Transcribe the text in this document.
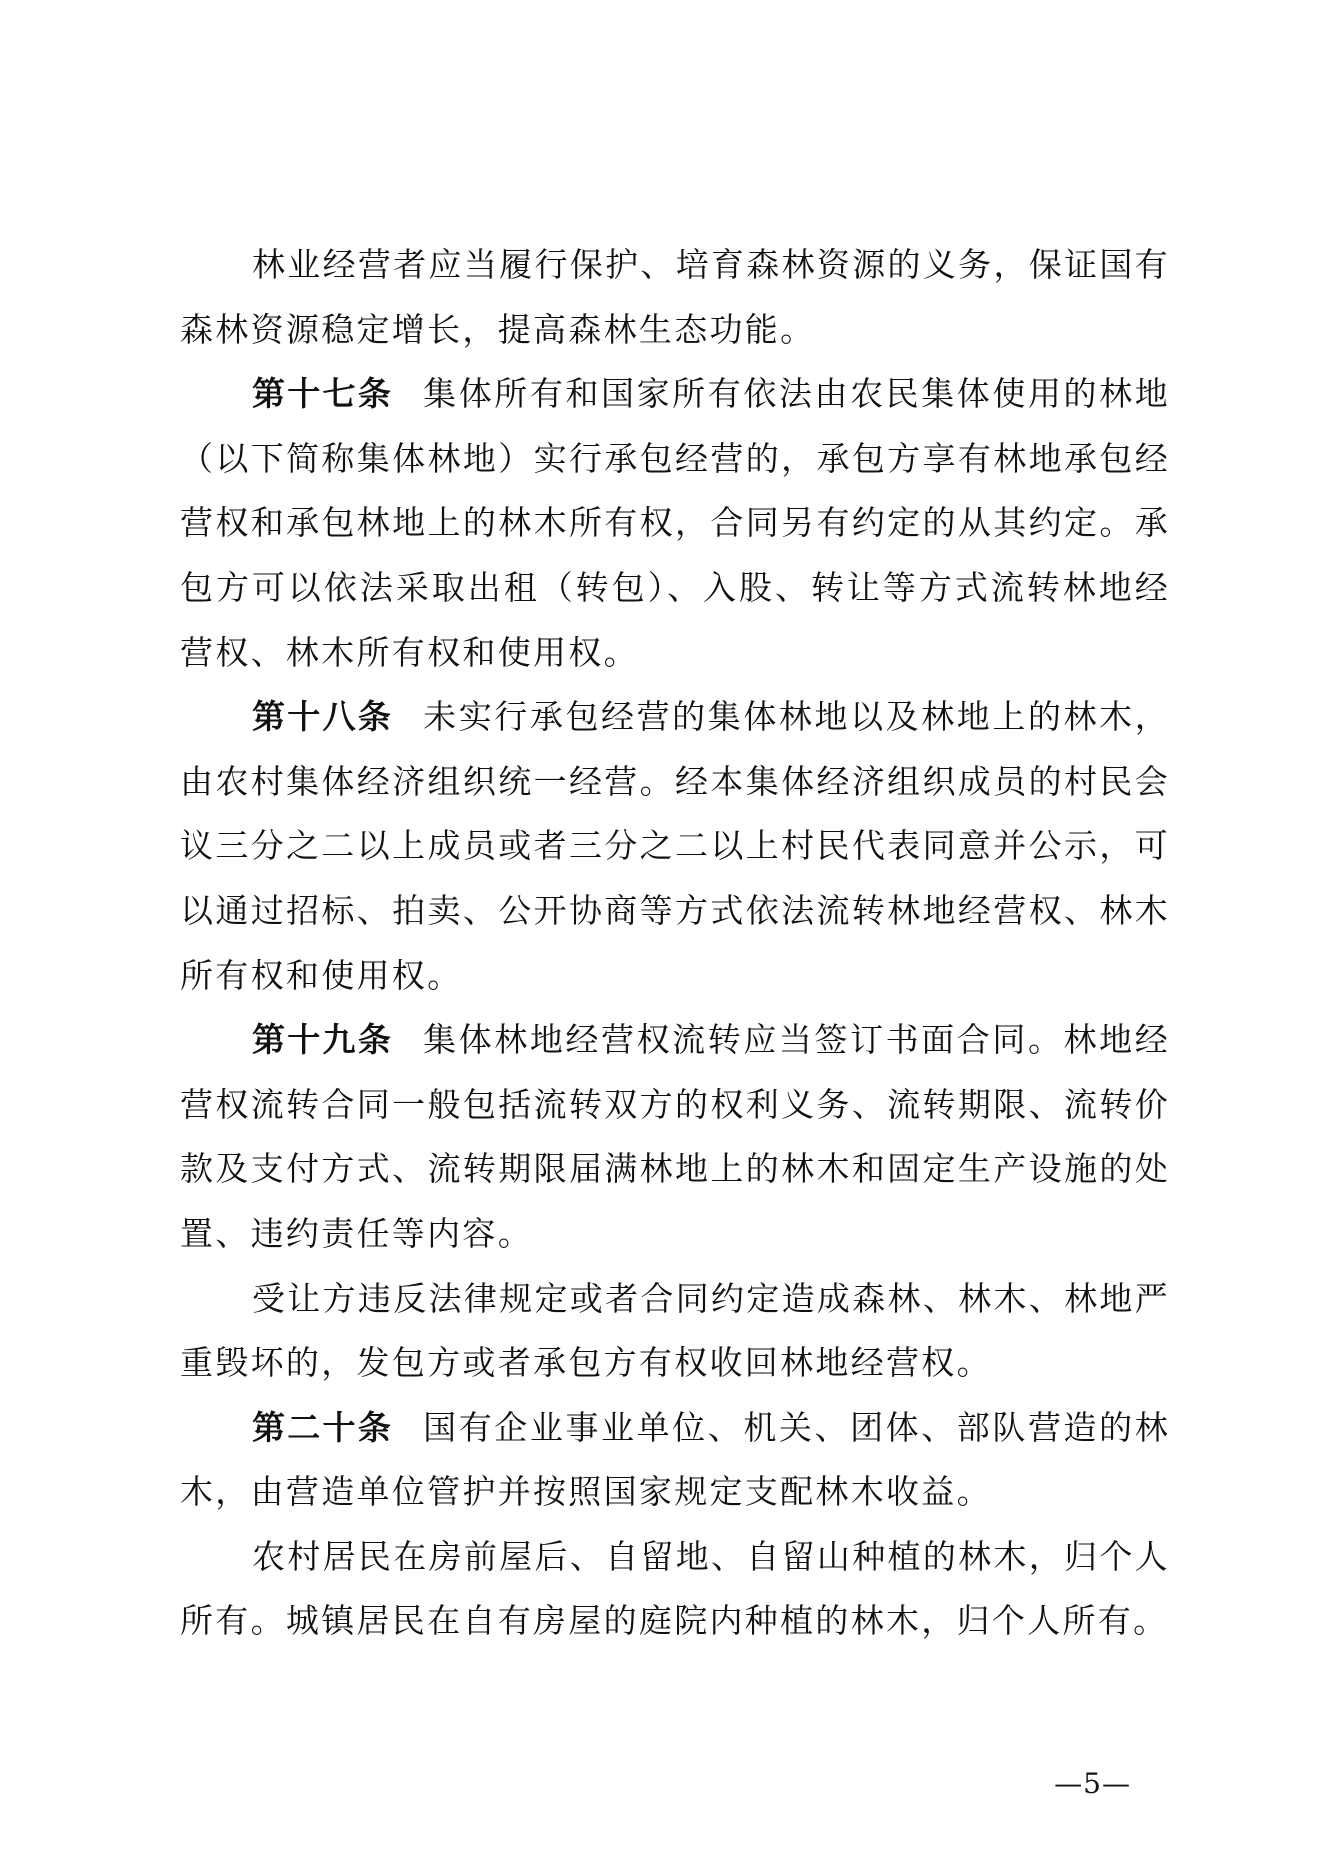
林业经营者应当履行保护、培育森林资源的义务，保证国有森林资源稳定增长，提高森林生态功能。

第十七条 集体所有和国家所有依法由农民集体使用的林地（以下简称集体林地）实行承包经营的，承包方享有林地承包经营权和承包林地上的林木所有权，合同另有约定的从其约定。承包方可以依法采取出租（转包）、入股、转让等方式流转林地经营权、林木所有权和使用权。

第十八条 未实行承包经营的集体林地以及林地上的林木，由农村集体经济组织统一经营。经本集体经济组织成员的村民会议三分之二以上成员或者三分之二以上村民代表同意并公示，可以通过招标、拍卖、公开协商等方式依法流转林地经营权、林木所有权和使用权。

第十九条 集体林地经营权流转应当签订书面合同。林地经营权流转合同一般包括流转双方的权利义务、流转期限、流转价款及支付方式、流转期限届满林地上的林木和固定生产设施的处置、违约责任等内容。

受让方违反法律规定或者合同约定造成森林、林木、林地严重毁坏的，发包方或者承包方有权收回林地经营权。

第二十条 国有企业事业单位、机关、团体、部队营造的林木，由营造单位管护并按照国家规定支配林木收益。

农村居民在房前屋后、自留地、自留山种植的林木，归个人所有。城镇居民在自有房屋的庭院内种植的林木，归个人所有。

—5—
